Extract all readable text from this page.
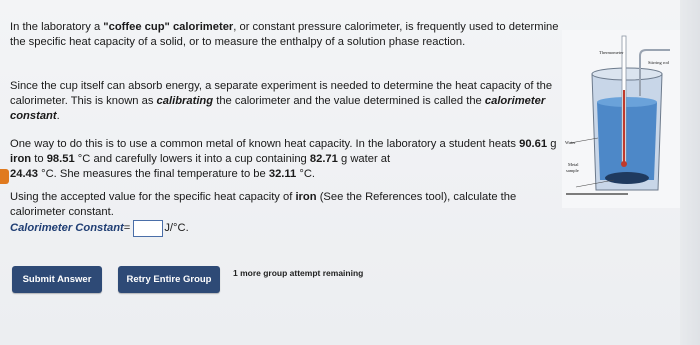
In the laboratory a "coffee cup" calorimeter, or constant pressure calorimeter, is frequently used to determine the specific heat capacity of a solid, or to measure the enthalpy of a solution phase reaction.
Since the cup itself can absorb energy, a separate experiment is needed to determine the heat capacity of the calorimeter. This is known as calibrating the calorimeter and the value determined is called the calorimeter constant.
One way to do this is to use a common metal of known heat capacity. In the laboratory a student heats 90.61 g iron to 98.51 °C and carefully lowers it into a cup containing 82.71 g water at
24.43 °C. She measures the final temperature to be 32.11 °C.
Using the accepted value for the specific heat capacity of iron (See the References tool), calculate the calorimeter constant.

Calorimeter Constant =	J/°C.
Submit Answer	Retry Entire Group
1 more group attempt remaining
Thermometer
Stirring rod
Water
Metal
sample
